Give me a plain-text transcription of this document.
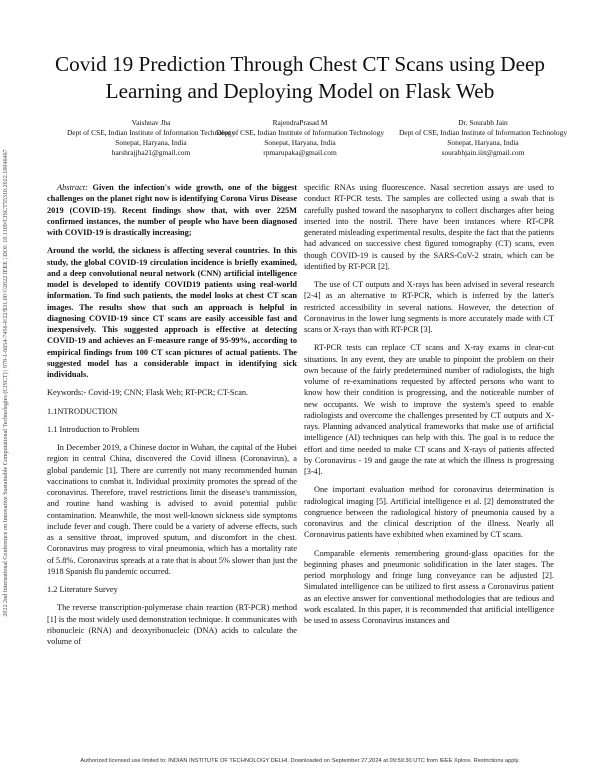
2022 2nd International Conference on Innovative Sustainable Computational Technologies (CISCT) | 978-1-6654-7456-0/22/$31.00 ©2022 IEEE | DOI: 10.1109/CISCT55310.2022.10046467
Covid 19 Prediction Through Chest CT Scans using Deep Learning and Deploying Model on Flask Web
Vaishnav Jha
Dept of CSE, Indian Institute of Information Technology Sonepat, Haryana, India
harshrajjha21@gmail.com
RajendraPrasad M
Dept of CSE, Indian Institute of Information Technology Sonepat, Haryana, India
rpmarupaka@gmail.com
Dr. Sourabh Jain
Dept of CSE, Indian Institute of Information Technology Sonepat, Haryana, India
sourabhjain.iiit@gmail.com

Abstract: Given the infection's wide growth, one of the biggest challenges on the planet right now is identifying Corona Virus Disease 2019 (COVID-19). Recent findings show that, with over 225M confirmed instances, the number of people who have been diagnosed with COVID-19 is drastically increasing;

Around the world, the sickness is affecting several countries. In this study, the global COVID-19 circulation incidence is briefly examined, and a deep convolutional neural network (CNN) artificial intelligence model is developed to identify COVID19 patients using real-world information. To find such patients, the model looks at chest CT scan images. The results show that such an approach is helpful in diagnosing COVID-19 since CT scans are easily accessible fast and inexpensively. This suggested approach is effective at detecting COVID-19 and achieves an F-measure range of 95-99%, according to empirical findings from 100 CT scan pictures of actual patients. The suggested model has a considerable impact in identifying sick individuals.

Keywords:- Covid-19; CNN; Flask Web; RT-PCR; CT-Scan.

1.1NTRODUCTION

1.1 Introduction to Problem

In December 2019, a Chinese doctor in Wuhan, the capital of the Hubei region in central China, discovered the Covid illness (Coronavirus), a global pandemic [1]. There are currently not many recommended human vaccinations to combat it. Individual proximity promotes the spread of the coronavirus. Therefore, travel restrictions limit the disease's transmission, and routine hand washing is advised to avoid potential public contamination. Meanwhile, the most well-known sickness side symptoms include fever and cough. There could be a variety of adverse effects, such as a sensitive throat, improved sputum, and discomfort in the chest. Coronavirus may progress to viral pneumonia, which has a mortality rate of 5.8%. Coronavirus spreads at a rate that is about 5% slower than just the 1918 Spanish flu pandemic occurred.

1.2 Literature Survey

The reverse transcription-polymerase chain reaction (RT-PCR) method [1] is the most widely used demonstration technique. It communicates with ribonucleic (RNA) and deoxyribonucleic (DNA) acids to calculate the volume of

specific RNAs using fluorescence. Nasal secretion assays are used to conduct RT-PCR tests. The samples are collected using a swab that is carefully pushed toward the nasopharynx to collect discharges after being inserted into the nostril. There have been instances where RT-CPR generated misleading experimental results, despite the fact that the patients had advanced on successive chest figured tomography (CT) scans, even though COVID-19 is caused by the SARS-CoV-2 strain, which can be identified by RT-PCR [2].

The use of CT outputs and X-rays has been advised in several research [2-4] as an alternative to RT-PCR, which is inferred by the latter's restricted accessibility in several nations. However, the detection of Coronavirus in the lower lung segments is more accurately made with CT scans or X-rays than with RT-PCR [3].

RT-PCR tests can replace CT scans and X-ray exams in clear-cut situations. In any event, they are unable to pinpoint the problem on their own because of the fairly predetermined number of radiologists, the high volume of re-examinations requested by affected persons who want to know how their condition is progressing, and the noticeable number of new occupants. We wish to improve the system's speed to enable radiologists and overcome the challenges presented by CT outputs and X-rays. Planning advanced analytical frameworks that make use of artificial intelligence (AI) techniques can help with this. The goal is to reduce the effort and time needed to make CT scans and X-rays of patients affected by Coronavirus - 19 and gauge the rate at which the illness is progressing [3-4].

One important evaluation method for coronavirus determination is radiological imaging [5]. Artificial intelligence et al. [2] demonstrated the congruence between the radiological history of pneumonia caused by a coronavirus and the clinical description of the illness. Nearly all Coronavirus patients have exhibited when examined by CT scans.

Comparable elements remembering ground-glass opacities for the beginning phases and pneumonic solidification in the later stages. The period morphology and fringe lung conveyance can be adjusted [2]. Simulated intelligence can be utilized to first assess a Coronavirus patient as an elective answer for conventional methodologies that are tedious and work escalated. In this paper, it is recommended that artificial intelligence be used to assess Coronavirus instances and

Authorized licensed use limited to: INDIAN INSTITUTE OF TECHNOLOGY DELHI. Downloaded on September 27,2024 at 09:59:30 UTC from IEEE Xplore. Restrictions apply.
